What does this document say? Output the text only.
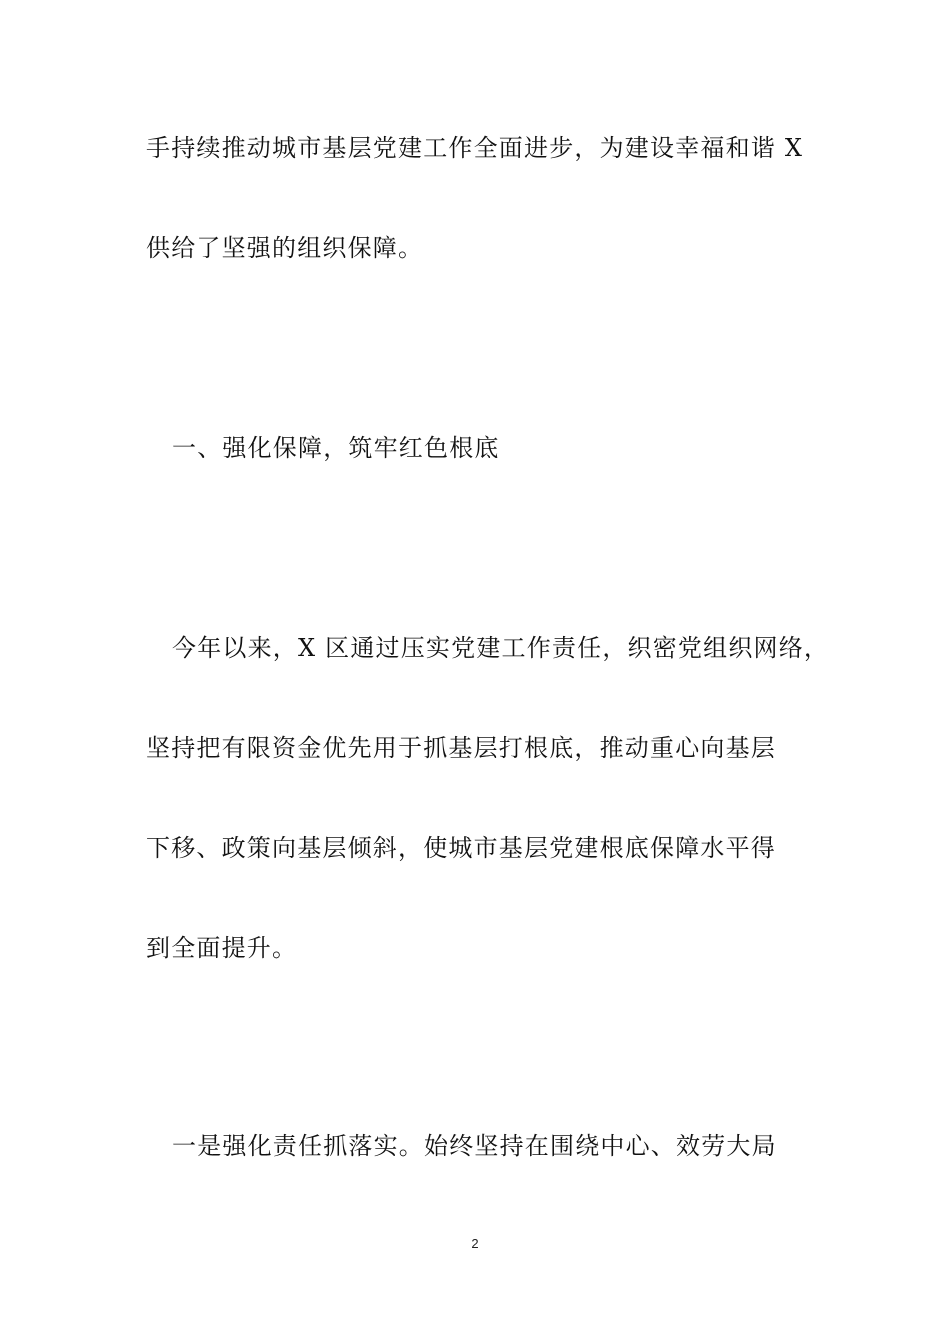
手持续推动城市基层党建工作全面进步，为建设幸福和谐 X
供给了坚强的组织保障。
一、强化保障，筑牢红色根底
今年以来，X 区通过压实党建工作责任，织密党组织网络，
坚持把有限资金优先用于抓基层打根底，推动重心向基层
下移、政策向基层倾斜，使城市基层党建根底保障水平得
到全面提升。
一是强化责任抓落实。始终坚持在围绕中心、效劳大局
2
